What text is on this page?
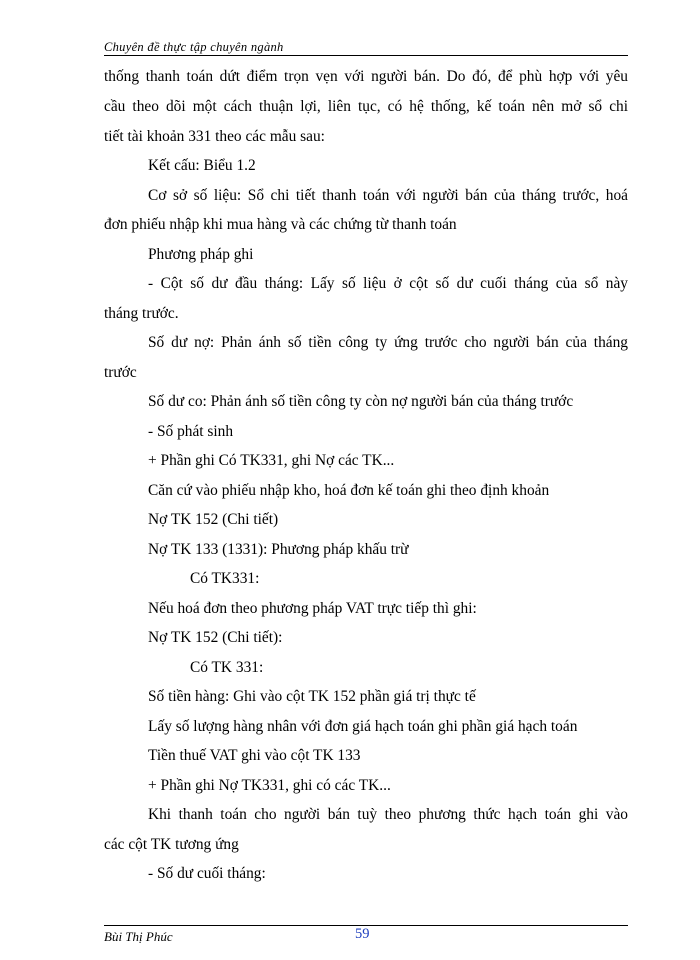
Chuyên đề thực tập chuyên ngành
thống thanh toán dứt điểm trọn vẹn với người bán. Do đó, để phù hợp với yêu
cầu theo dõi một cách thuận lợi, liên tục, có hệ thống, kế toán nên mở sổ chi
tiết tài khoản 331 theo các mẫu sau:
Kết cấu: Biểu 1.2
Cơ sở số liệu: Sổ chi tiết thanh toán với người bán của tháng trước, hoá
đơn phiếu nhập khi mua hàng và các chứng từ thanh toán
Phương pháp ghi
- Cột số dư đầu tháng: Lấy số liệu ở cột số dư cuối tháng của sổ này
tháng trước.
Số dư nợ: Phản ánh số tiền công ty ứng trước cho người bán của tháng
trước
Số dư co: Phản ánh số tiền công ty còn nợ người bán của tháng trước
- Số phát sinh
+ Phần ghi Có TK331, ghi Nợ các TK...
Căn cứ vào phiếu nhập kho, hoá đơn kế toán ghi theo định khoản
Nợ TK 152 (Chi tiết)
Nợ TK 133 (1331): Phương pháp khấu trừ
Có TK331:
Nếu hoá đơn theo phương pháp VAT trực tiếp thì ghi:
Nợ TK 152 (Chi tiết):
Có TK 331:
Số tiền hàng: Ghi vào cột TK 152 phần giá trị thực tế
Lấy số lượng hàng nhân với đơn giá hạch toán ghi phần giá hạch toán
Tiền thuế VAT ghi vào cột TK 133
+ Phần ghi Nợ TK331, ghi có các TK...
Khi thanh toán cho người bán tuỳ theo phương thức hạch toán ghi vào
các cột TK tương ứng
- Số dư cuối tháng:
Bùi Thị Phúc	59
